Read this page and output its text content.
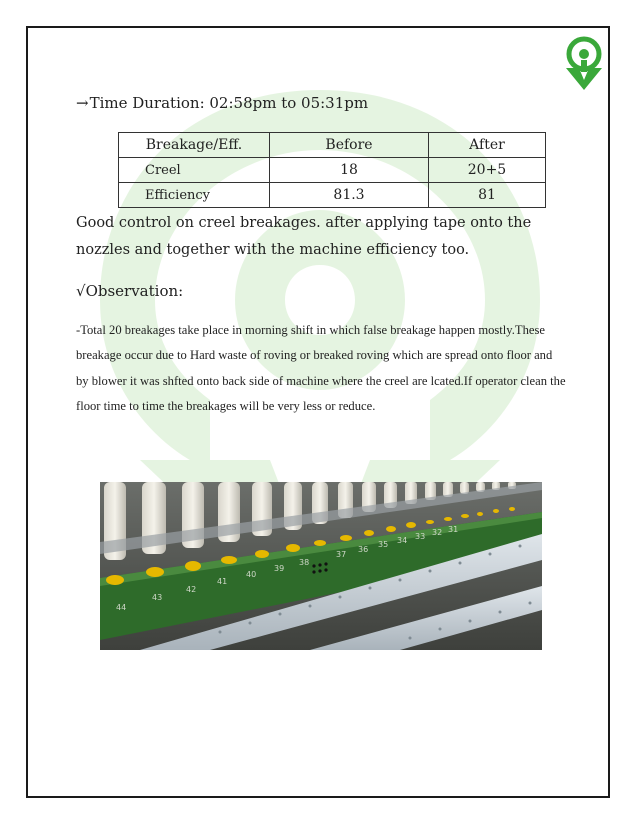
→Time Duration: 02:58pm to 05:31pm
Breakage/Eff.	Before	After
Creel	18	20+5
Efficiency	81.3	81
Good control on creel breakages. after applying tape onto the nozzles and together with the machine efficiency too.
√Observation:
-Total 20 breakages take place in morning shift in which false breakage happen mostly.These breakage occur due to Hard waste of roving or breaked roving which are spread onto floor and by blower it was shfted onto back side of machine where the creel are lcated.If operator clean the floor time to time the breakages will be very less or reduce.
44
43
42
41
40
39
38
37
36
35 34 33 32 31
